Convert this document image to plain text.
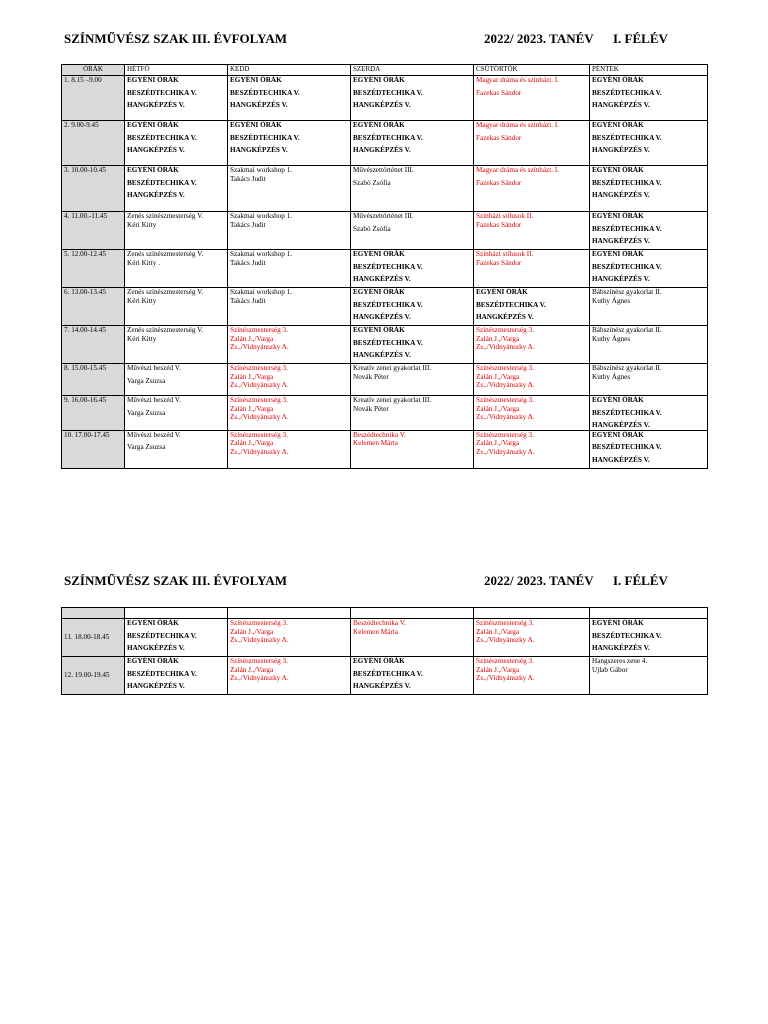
SZÍNMŰVÉSZ SZAK III. ÉVFOLYAM	2022/ 2023. TANÉV I. FÉLÉV
ÓRÁK	HÉTFŐ	KEDD	SZERDA	CSÜTÖRTÖK	PÉNTEK
1. 8.15 –9.00	EGYÉNI ÓRÁK
BESZÉDTECHIKA V.
HANGKÉPZÉS V.	EGYÉNI ÓRÁK
BESZÉDTECHIKA V.
HANGKÉPZÉS V.	EGYÉNI ÓRÁK
BESZÉDTECHIKA V.
HANGKÉPZÉS V.	Magyar dráma és színházt. I.
Fazekas Sándor	EGYÉNI ÓRÁK
BESZÉDTECHIKA V.
HANGKÉPZÉS V.

2. 9.00-9.45	EGYÉNI ÓRÁK
BESZÉDTECHIKA V.
HANGKÉPZÉS V.	EGYÉNI ÓRÁK
BESZÉDTECHIKA V.
HANGKÉPZÉS V.	EGYÉNI ÓRÁK
BESZÉDTECHIKA V.
HANGKÉPZÉS V.	Magyar dráma és színházt. I.
Fazekas Sándor	EGYÉNI ÓRÁK
BESZÉDTECHIKA V.
HANGKÉPZÉS V.

3. 10.00-10.45	EGYÉNI ÓRÁK
BESZÉDTECHIKA V.
HANGKÉPZÉS V.	Szakmai workshop 1.
Takács Judit	Művészettörténet III.
Szabó Zsófia	Magyar dráma és színházt. I.
Fazekas Sándor	EGYÉNI ÓRÁK
BESZÉDTECHIKA V.
HANGKÉPZÉS V.

4. 11.00.-11.45	Zenés színészmesterség V.
Kéri Kitty	Szakmai workshop 1.
Takács Judit	Művészettörténet III.
Szabó Zsófia	Színházi stílusok II.
Fazekas Sándor	EGYÉNI ÓRÁK
BESZÉDTECHIKA V.
HANGKÉPZÉS V.

5. 12.00-12.45	Zenés színészmesterség V.
Kéri Kitty .	Szakmai workshop 1.
Takács Judit	EGYÉNI ÓRÁK
BESZÉDTECHIKA V.
HANGKÉPZÉS V.	Színházi stílusok II.
Fazekas Sándor	EGYÉNI ÓRÁK
BESZÉDTECHIKA V.
HANGKÉPZÉS V.

6. 13.00-13.45	Zenés színészmesterség V.
Kéri Kitty	Szakmai workshop 1.
Takács Judit	EGYÉNI ÓRÁK
BESZÉDTECHIKA V.
HANGKÉPZÉS V.	EGYÉNI ÓRÁK
BESZÉDTECHIKA V.
HANGKÉPZÉS V.	Bábszínész gyakorlat II.
Kuthy Ágnes

7. 14.00-14.45	Zenés színészmesterség V.
Kéri Kitty	Színészmesterség 3.
Zalán J.,/Varga
Zs.,/Vidnyánszky A.	EGYÉNI ÓRÁK
BESZÉDTECHIKA V.
HANGKÉPZÉS V.	Színészmesterség 3.
Zalán J.,/Varga
Zs.,/Vidnyánszky A.	Bábszínész gyakorlat II.
Kuthy Ágnes

8. 15.00-15.45	Művészi beszéd V.
Varga Zsuzsa	Színészmesterség 3.
Zalán J.,/Varga
Zs.,/Vidnyánszky A.	Kreatív zenei gyakorlat III.
Novák Péter	Színészmesterség 3.
Zalán J.,/Varga
Zs.,/Vidnyánszky A.	Bábszínész gyakorlat II.
Kuthy Ágnes

9. 16.00-16.45	Művészi beszéd V.
Varga Zsuzsa	Színészmesterség 3.
Zalán J.,/Varga
Zs.,/Vidnyánszky A.	Kreatív zenei gyakorlat III.
Novák Péter	Színészmesterség 3.
Zalán J.,/Varga
Zs.,/Vidnyánszky A.	EGYÉNI ÓRÁK
BESZÉDTECHIKA V.
HANGKÉPZÉS V.

10. 17.00-17.45	Művészi beszéd V.
Varga Zsuzsa	Színészmesterség 3.
Zalán J.,/Varga
Zs.,/Vidnyánszky A.	Beszédtechnika V.
Kelemen Márta	Színészmesterség 3.
Zalán J.,/Varga
Zs.,/Vidnyánszky A.	EGYÉNI ÓRÁK
BESZÉDTECHIKA V.
HANGKÉPZÉS V.
SZÍNMŰVÉSZ SZAK III. ÉVFOLYAM	2022/ 2023. TANÉV I. FÉLÉV

11. 18.00-18.45	EGYÉNI ÓRÁK
BESZÉDTECHIKA V.
HANGKÉPZÉS V.	Színészmesterség 3.
Zalán J.,/Varga
Zs.,/Vidnyánszky A.	Beszédtechnika V.
Kelemen Márta	Színészmesterség 3.
Zalán J.,/Varga
Zs.,/Vidnyánszky A.	EGYÉNI ÓRÁK
BESZÉDTECHIKA V.
HANGKÉPZÉS V.

12. 19.00-19.45	EGYÉNI ÓRÁK
BESZÉDTECHIKA V.
HANGKÉPZÉS V.	Színészmesterség 3.
Zalán J.,/Varga
Zs.,/Vidnyánszky A.	EGYÉNI ÓRÁK
BESZÉDTECHIKA V.
HANGKÉPZÉS V.	Színészmesterség 3.
Zalán J.,/Varga
Zs.,/Vidnyánszky A.	Hangszeres zene 4.
Ujlab Gábor
